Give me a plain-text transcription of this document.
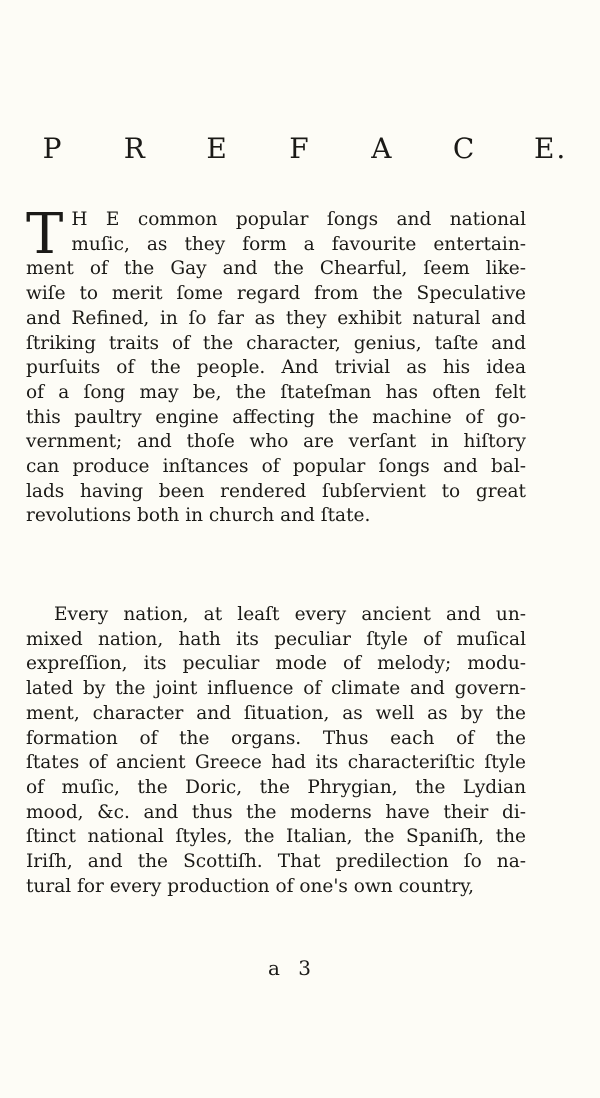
P R E F A C E.
T H E common popular ſongs and national
muſic, as they form a favourite entertain-
ment of the Gay and the Chearful, ſeem like-
wiſe to merit ſome regard from the Speculative
and Refined, in ſo far as they exhibit natural and
ſtriking traits of the character, genius, taſte and
purſuits of the people. And trivial as his idea
of a ſong may be, the ſtateſman has often felt
this paultry engine affecting the machine of go-
vernment; and thoſe who are verſant in hiſtory
can produce inſtances of popular ſongs and bal-
lads having been rendered ſubſervient to great
revolutions both in church and ſtate.
Every nation, at leaſt every ancient and un-
mixed nation, hath its peculiar ſtyle of muſical
expreſſion, its peculiar mode of melody; modu-
lated by the joint influence of climate and govern-
ment, character and ſituation, as well as by the
formation of the organs. Thus each of the
ſtates of ancient Greece had its characteriſtic ſtyle
of muſic, the Doric, the Phrygian, the Lydian
mood, &c. and thus the moderns have their di-
ſtinct national ſtyles, the Italian, the Spaniſh, the
Iriſh, and the Scottiſh. That predilection ſo na-
tural for every production of one's own country,
a 3
